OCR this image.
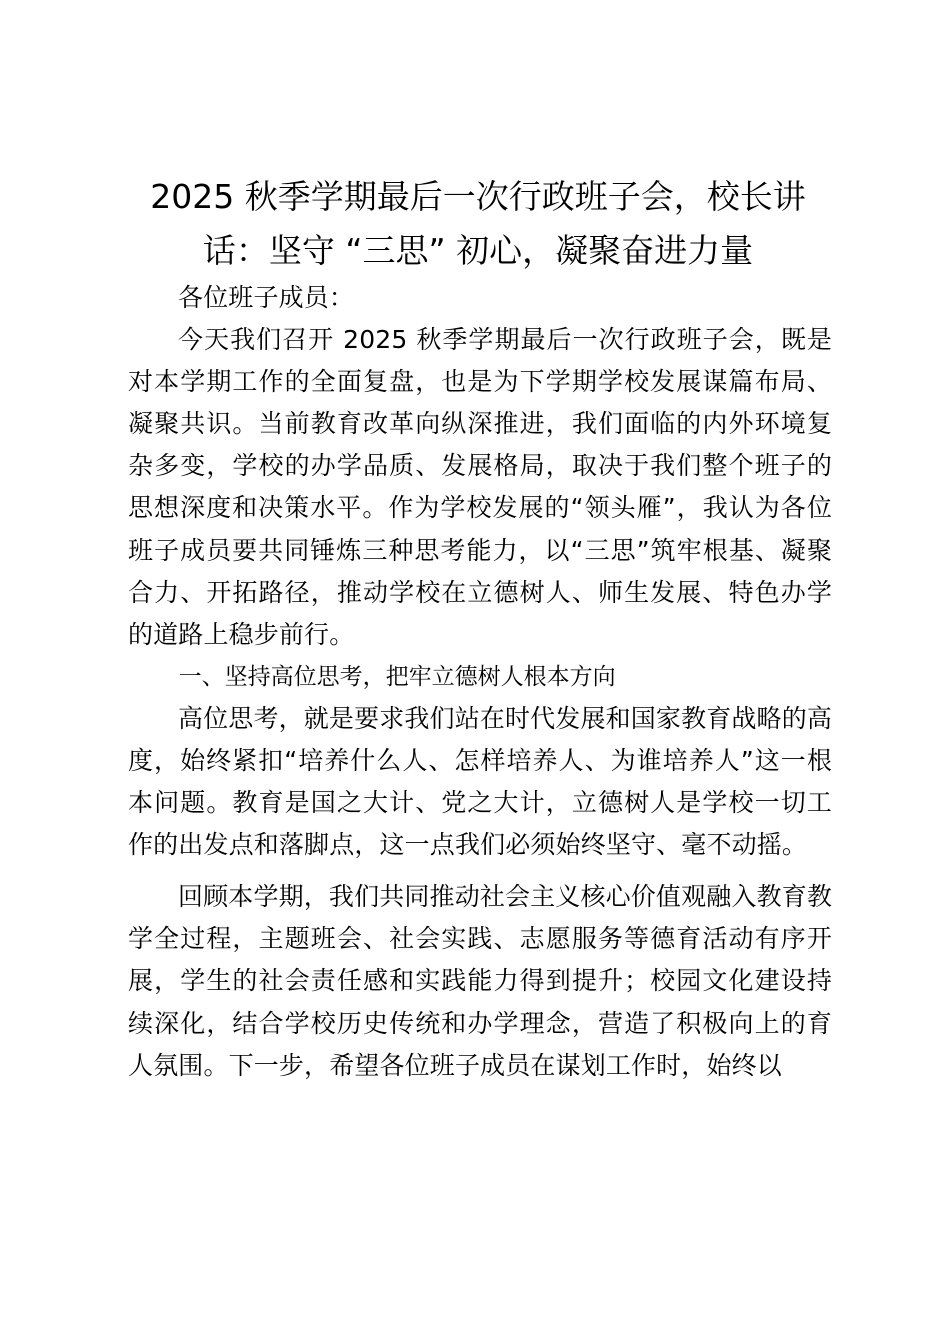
2025 秋季学期最后一次行政班子会，校长讲话：坚守 “三思” 初心，凝聚奋进力量

各位班子成员：

今天我们召开 2025 秋季学期最后一次行政班子会，既是对本学期工作的全面复盘，也是为下学期学校发展谋篇布局、凝聚共识。当前教育改革向纵深推进，我们面临的内外环境复杂多变，学校的办学品质、发展格局，取决于我们整个班子的思想深度和决策水平。作为学校发展的“领头雁”，我认为各位班子成员要共同锤炼三种思考能力，以“三思”筑牢根基、凝聚合力、开拓路径，推动学校在立德树人、师生发展、特色办学的道路上稳步前行。

一、坚持高位思考，把牢立德树人根本方向

高位思考，就是要求我们站在时代发展和国家教育战略的高度，始终紧扣“培养什么人、怎样培养人、为谁培养人”这一根本问题。教育是国之大计、党之大计，立德树人是学校一切工作的出发点和落脚点，这一点我们必须始终坚守、毫不动摇。

回顾本学期，我们共同推动社会主义核心价值观融入教育教学全过程，主题班会、社会实践、志愿服务等德育活动有序开展，学生的社会责任感和实践能力得到提升；校园文化建设持续深化，结合学校历史传统和办学理念，营造了积极向上的育人氛围。下一步，希望各位班子成员在谋划工作时，始终以
